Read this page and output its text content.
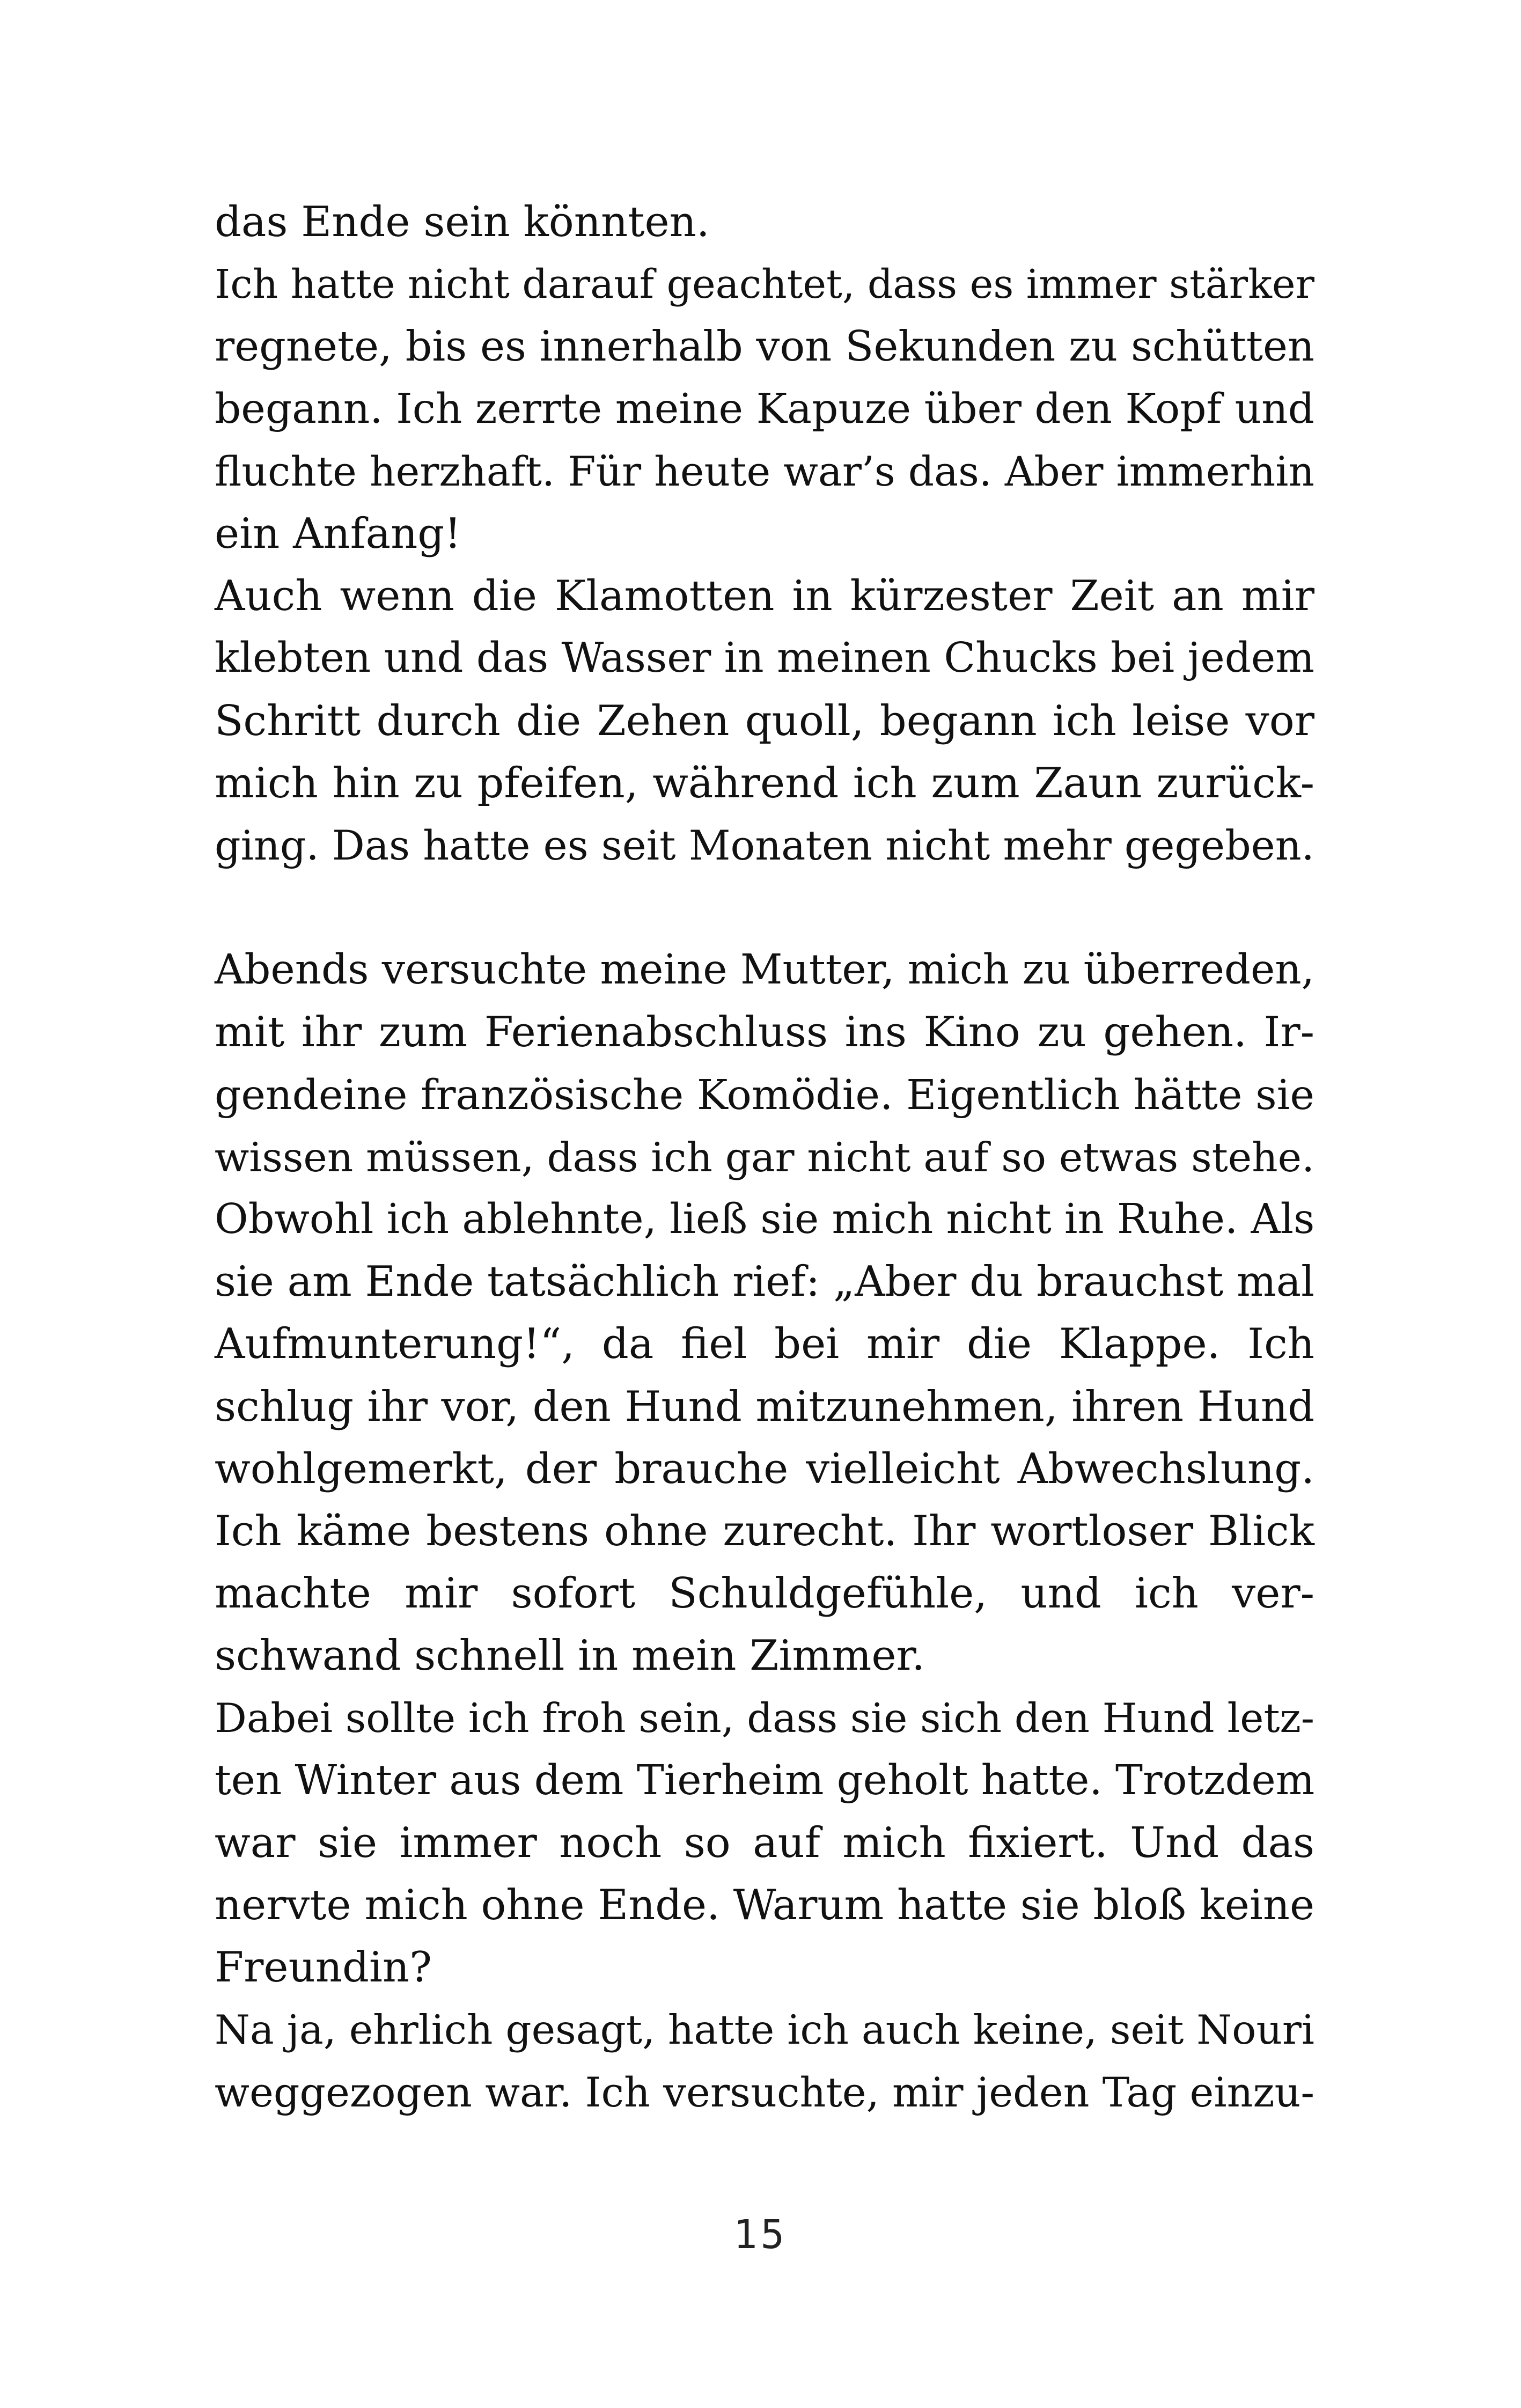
das Ende sein könnten.
Ich hatte nicht darauf geachtet, dass es immer stärker
regnete, bis es innerhalb von Sekunden zu schütten
begann. Ich zerrte meine Kapuze über den Kopf und
fluchte herzhaft. Für heute war’s das. Aber immerhin
ein Anfang!
Auch wenn die Klamotten in kürzester Zeit an mir
klebten und das Wasser in meinen Chucks bei jedem
Schritt durch die Zehen quoll, begann ich leise vor
mich hin zu pfeifen, während ich zum Zaun zurück-
ging. Das hatte es seit Monaten nicht mehr gegeben.
Abends versuchte meine Mutter, mich zu überreden,
mit ihr zum Ferienabschluss ins Kino zu gehen. Ir-
gendeine französische Komödie. Eigentlich hätte sie
wissen müssen, dass ich gar nicht auf so etwas stehe.
Obwohl ich ablehnte, ließ sie mich nicht in Ruhe. Als
sie am Ende tatsächlich rief: „Aber du brauchst mal
Aufmunterung!“, da fiel bei mir die Klappe. Ich
schlug ihr vor, den Hund mitzunehmen, ihren Hund
wohlgemerkt, der brauche vielleicht Abwechslung.
Ich käme bestens ohne zurecht. Ihr wortloser Blick
machte mir sofort Schuldgefühle, und ich ver-
schwand schnell in mein Zimmer.
Dabei sollte ich froh sein, dass sie sich den Hund letz-
ten Winter aus dem Tierheim geholt hatte. Trotzdem
war sie immer noch so auf mich fixiert. Und das
nervte mich ohne Ende. Warum hatte sie bloß keine
Freundin?
Na ja, ehrlich gesagt, hatte ich auch keine, seit Nouri
weggezogen war. Ich versuchte, mir jeden Tag einzu-
15
